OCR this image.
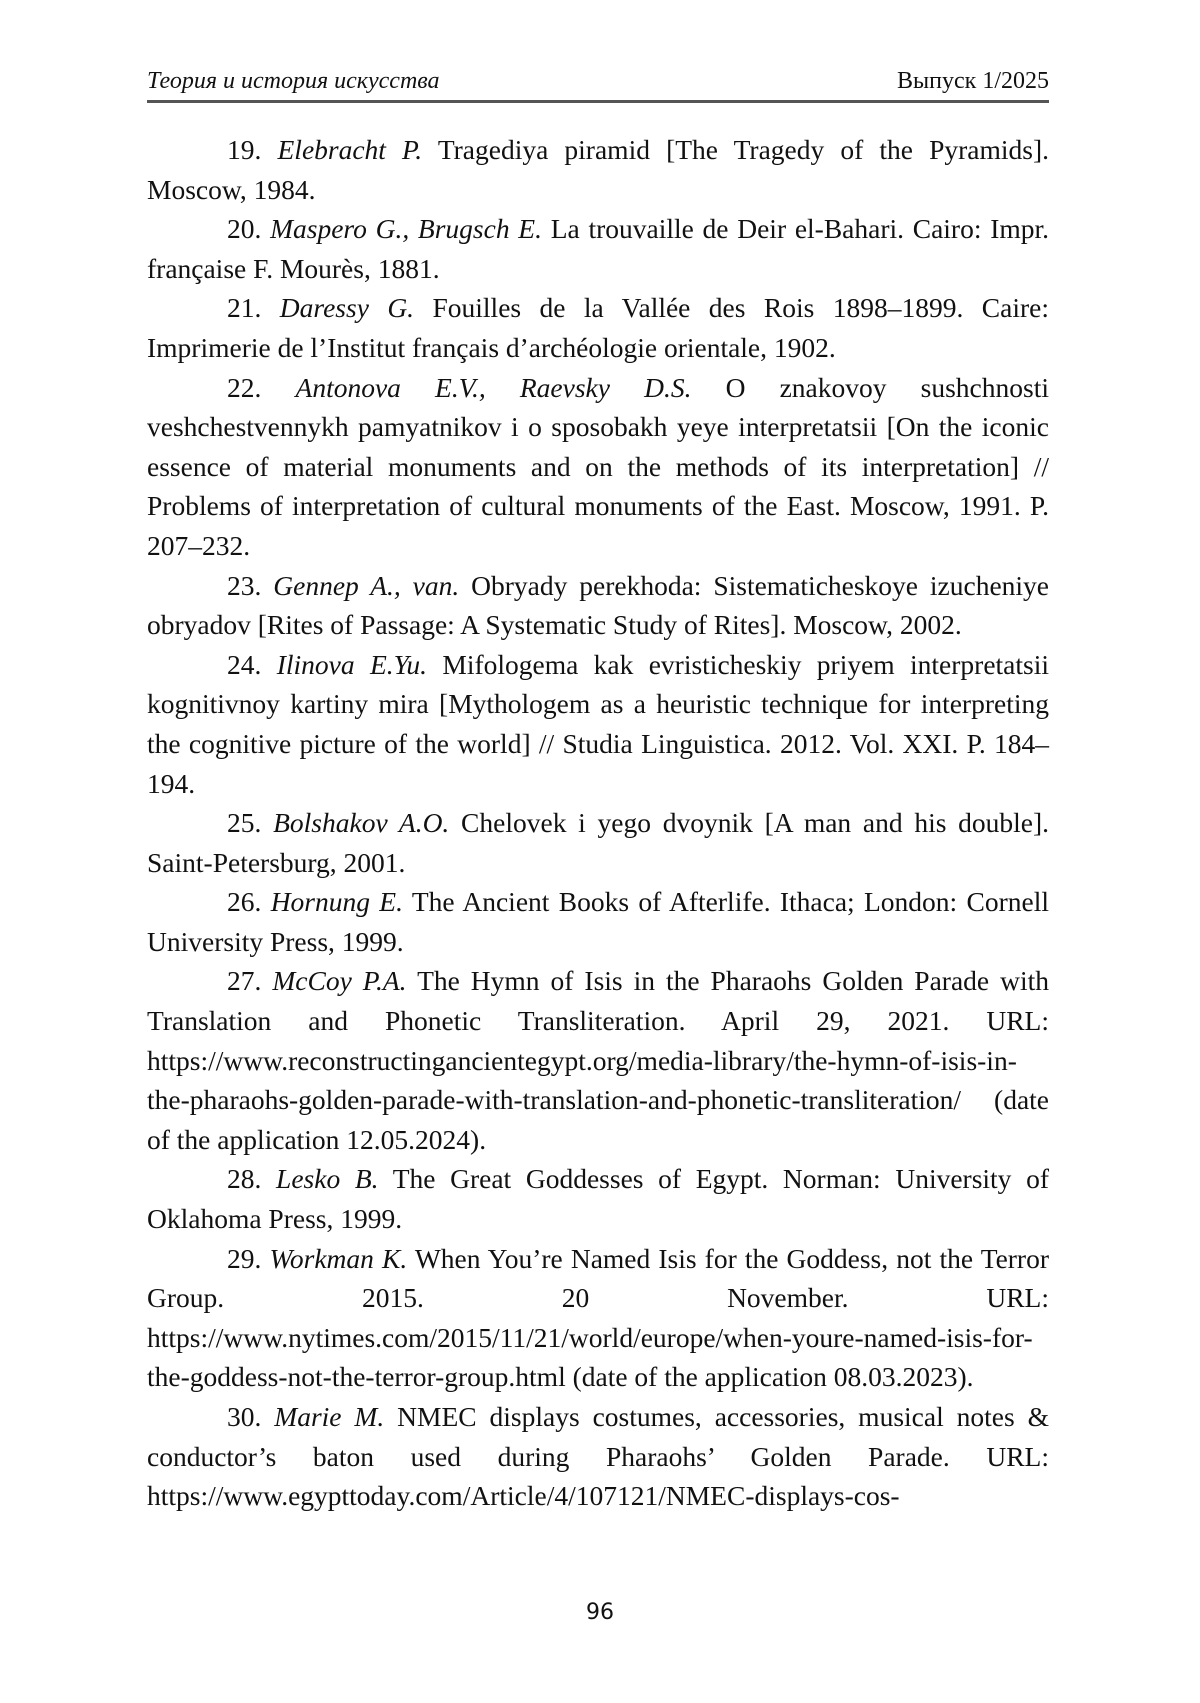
Теория и история искусства	Выпуск 1/2025

19. Elebracht P. Tragediya piramid [The Tragedy of the Pyramids]. Moscow, 1984.

20. Maspero G., Brugsch E. La trouvaille de Deir el-Bahari. Cairo: Impr. française F. Mourès, 1881.

21. Daressy G. Fouilles de la Vallée des Rois 1898–1899. Caire: Imprimerie de l’Institut français d’archéologie orientale, 1902.

22. Antonova E.V., Raevsky D.S. O znakovoy sushchnosti veshchestvennykh pamyatnikov i o sposobakh yeye interpretatsii [On the iconic essence of material monuments and on the methods of its interpretation] // Problems of interpretation of cultural monuments of the East. Moscow, 1991. P. 207–232.

23. Gennep A., van. Obryady perekhoda: Sistematicheskoye izucheniye obryadov [Rites of Passage: A Systematic Study of Rites]. Moscow, 2002.

24. Ilinova E.Yu. Mifologema kak evristicheskiy priyem interpretatsii kognitivnoy kartiny mira [Mythologem as a heuristic technique for interpreting the cognitive picture of the world] // Studia Linguistica. 2012. Vol. XXI. P. 184–194.

25. Bolshakov A.O. Chelovek i yego dvoynik [A man and his double]. Saint-Petersburg, 2001.

26. Hornung E. The Ancient Books of Afterlife. Ithaca; London: Cornell University Press, 1999.

27. McCoy P.A. The Hymn of Isis in the Pharaohs Golden Parade with Translation and Phonetic Transliteration. April 29, 2021. URL: https://www.reconstructingancientegypt.org/media-library/the-hymn-of-isis-in-the-pharaohs-golden-parade-with-translation-and-phonetic-transliteration/ (date of the application 12.05.2024).

28. Lesko B. The Great Goddesses of Egypt. Norman: University of Oklahoma Press, 1999.

29. Workman K. When You’re Named Isis for the Goddess, not the Terror Group. 2015. 20 November. URL: https://www.nytimes.com/2015/11/21/world/europe/when-youre-named-isis-for-the-goddess-not-the-terror-group.html (date of the application 08.03.2023).

30. Marie M. NMEC displays costumes, accessories, musical notes & conductor’s baton used during Pharaohs’ Golden Parade. URL: https://www.egypttoday.com/Article/4/107121/NMEC-displays-cos-

96
